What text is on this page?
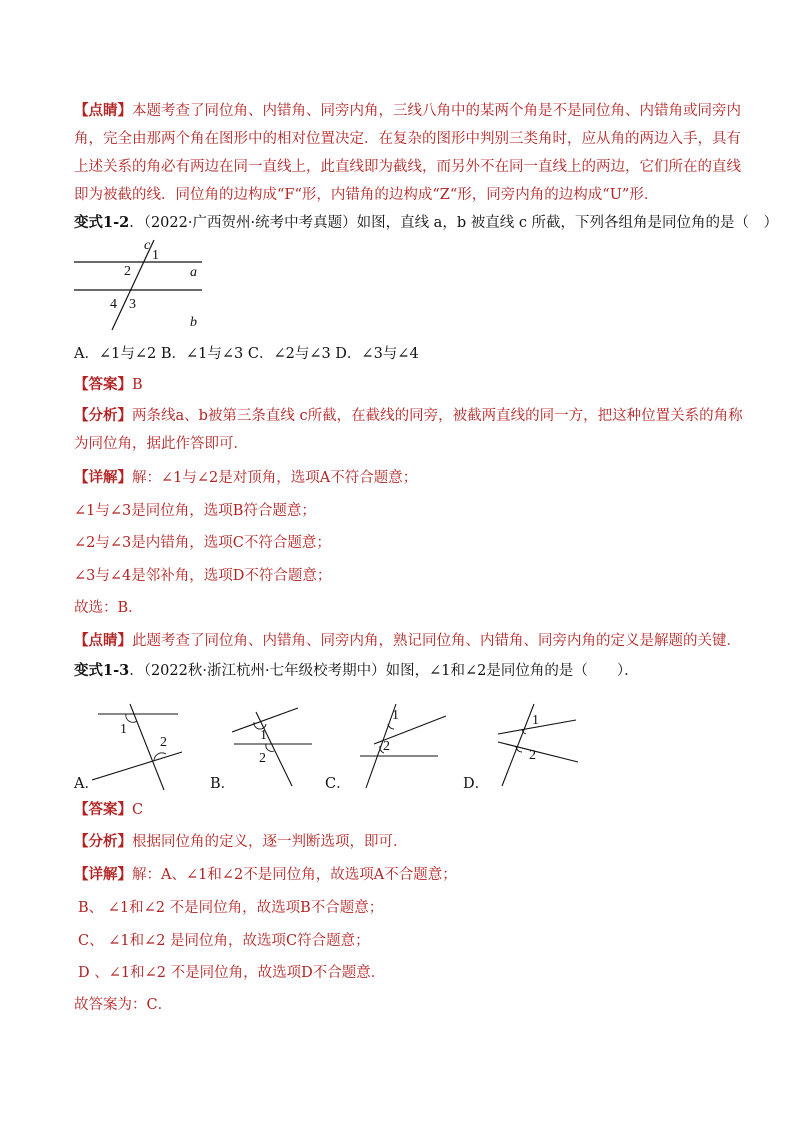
【点睛】本题考查了同位角、内错角、同旁内角，三线八角中的某两个角是不是同位角、内错角或同旁内
角，完全由那两个角在图形中的相对位置决定．在复杂的图形中判别三类角时，应从角的两边入手，具有
上述关系的角必有两边在同一直线上，此直线即为截线，而另外不在同一直线上的两边，它们所在的直线
即为被截的线．同位角的边构成“F“形，内错角的边构成“Z“形，同旁内角的边构成“U”形．
变式1-2．（2022·广西贺州·统考中考真题）如图，直线 a，b 被直线 c 所截，下列各组角是同位角的是（　）
c
1
a
2
4 3
b
A．∠1与∠2 B．∠1与∠3 C．∠2与∠3 D．∠3与∠4
【答案】B
【分析】两条线a、b被第三条直线 c所截，在截线的同旁，被截两直线的同一方，把这种位置关系的角称
为同位角，据此作答即可．
【详解】解：∠1与∠2是对顶角，选项A不符合题意；
∠1与∠3是同位角，选项B符合题意；
∠2与∠3是内错角，选项C不符合题意；
∠3与∠4是邻补角，选项D不符合题意；
故选：B．
【点睛】此题考查了同位角、内错角、同旁内角，熟记同位角、内错角、同旁内角的定义是解题的关键．
变式1-3．（2022秋·浙江杭州·七年级校考期中）如图，∠1和∠2是同位角的是（　　）．
1
2	1
2
1
2
1
2
A．	B．	C．	D．
【答案】C
【分析】根据同位角的定义，逐一判断选项，即可．
【详解】解：A、∠1和∠2不是同位角，故选项A不合题意；
B、 ∠1和∠2 不是同位角，故选项B不合题意；
C、 ∠1和∠2 是同位角，故选项C符合题意；
D 、∠1和∠2 不是同位角，故选项D不合题意．
故答案为：C．
